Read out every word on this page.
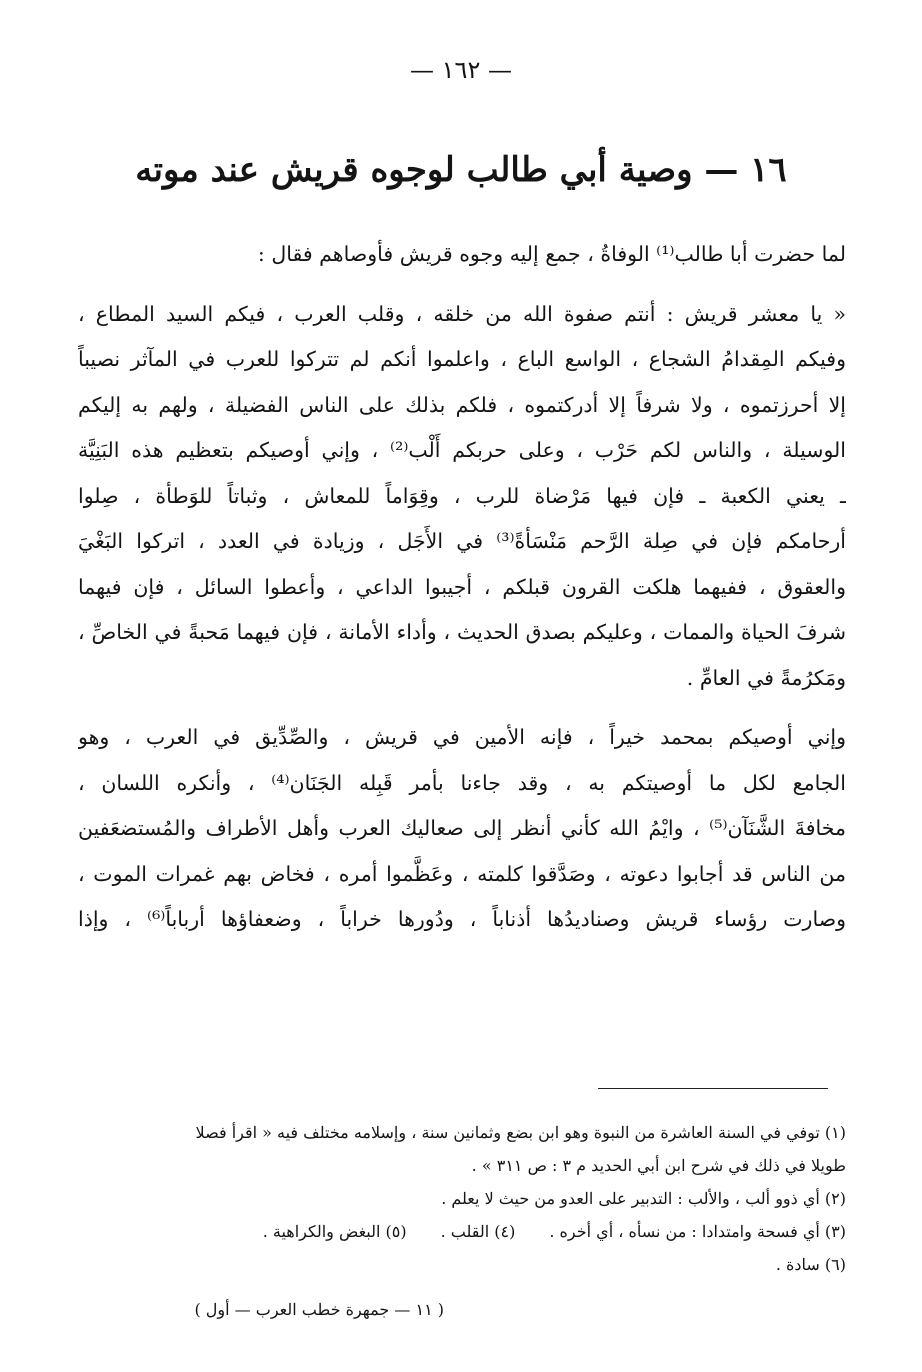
— ١٦٢ —
١٦ — وصية أبي طالب لوجوه قريش عند موته

لما حضرت أبا طالب⁽¹⁾ الوفاةُ ، جمع إليه وجوه قريش فأوصاهم فقال :

« يا معشر قريش : أنتم صفوة الله من خلقه ، وقلب العرب ، فيكم السيد المطاع ،
وفيكم المِقدامُ الشجاع ، الواسع الباع ، واعلموا أنكم لم تتركوا للعرب في المآثر نصيباً
إلا أحرزتموه ، ولا شرفاً إلا أدركتموه ، فلكم بذلك على الناس الفضيلة ، ولهم به إليكم
الوسيلة ، والناس لكم حَرْب ، وعلى حربكم أَلْب⁽²⁾ ، وإني أوصيكم بتعظيم هذه البَنِيَّة
ـ يعني الكعبة ـ فإن فيها مَرْضاة للرب ، وقِوَاماً للمعاش ، وثباتاً للوَطأة ، صِلوا
أرحامكم فإن في صِلة الرَّحم مَنْسَأةً⁽³⁾ في الأَجَل ، وزيادة في العدد ، اتركوا البَغْيَ
والعقوق ، ففيهما هلكت القرون قبلكم ، أجيبوا الداعي ، وأعطوا السائل ، فإن فيهما
شرفَ الحياة والممات ، وعليكم بصدق الحديث ، وأداء الأمانة ، فإن فيهما مَحبةً في الخاصِّ ،
ومَكرُمةً في العامِّ .

وإني أوصيكم بمحمد خيراً ، فإنه الأمين في قريش ، والصِّدِّيق في العرب ، وهو
الجامع لكل ما أوصيتكم به ، وقد جاءنا بأمر قَبِله الجَنَان⁽⁴⁾ ، وأنكره اللسان ،
مخافةَ الشَّنَآن⁽⁵⁾ ، وايْمُ الله كأني أنظر إلى صعاليك العرب وأهل الأطراف والمُستضعَفين
من الناس قد أجابوا دعوته ، وصَدَّقوا كلمته ، وعَظَّموا أمره ، فخاض بهم غمرات الموت ،
وصارت رؤساء قريش وصناديدُها أذناباً ، ودُورها خراباً ، وضعفاؤها أرباباً⁽⁶⁾ ، وإذا

(١) توفي في السنة العاشرة من النبوة وهو ابن بضع وثمانين سنة ، وإسلامه مختلف فيه « اقرأ فصلا
طويلا في ذلك في شرح ابن أبي الحديد م ٣ : ص ٣١١ » .
(٢) أي ذوو ألب ، والألب : التدبير على العدو من حيث لا يعلم .
(٣) أي فسحة وامتدادا : من نسأه ، أي أخره .
(٤) القلب .
(٥) البغض والكراهية .
(٦) سادة .
( ١١ — جمهرة خطب العرب — أول )
